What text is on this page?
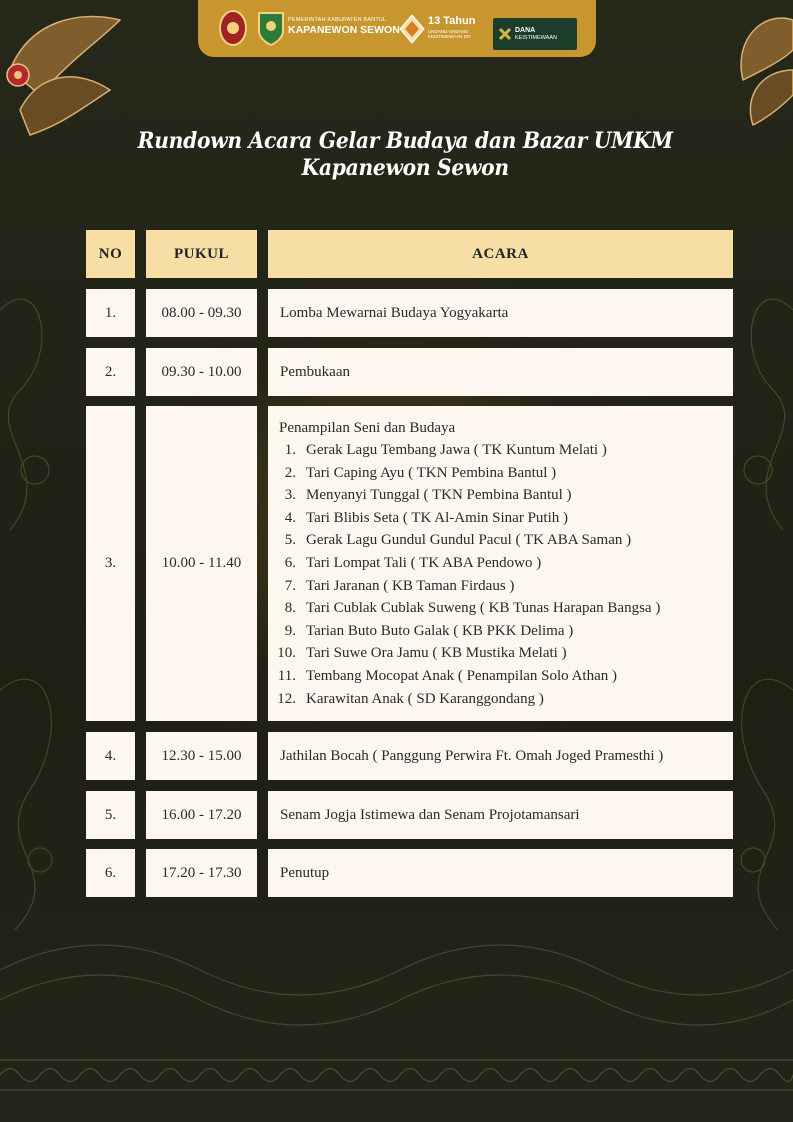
PEMERINTAH KABUPATEN BANTUL
KAPANEWON SEWON
13 Tahun
UNDANG-UNDANG KEISTIMEWAAN DIY
DANA
KEISTIMEWAAN
Rundown Acara Gelar Budaya dan Bazar UMKM
Kapanewon Sewon
NO	PUKUL	ACARA
1.	08.00 - 09.30	Lomba Mewarnai Budaya Yogyakarta
2.	09.30 - 10.00	Pembukaan
3.	10.00 - 11.40
Penampilan Seni dan Budaya
1. Gerak Lagu Tembang Jawa ( TK Kuntum Melati )
2. Tari Caping Ayu ( TKN Pembina Bantul )
3. Menyanyi Tunggal ( TKN Pembina Bantul )
4. Tari Blibis Seta ( TK Al-Amin Sinar Putih )
5. Gerak Lagu Gundul Gundul Pacul ( TK ABA Saman )
6. Tari Lompat Tali ( TK ABA Pendowo )
7. Tari Jaranan ( KB Taman Firdaus )
8. Tari Cublak Cublak Suweng ( KB Tunas Harapan Bangsa )
9. Tarian Buto Buto Galak ( KB PKK Delima )
10. Tari Suwe Ora Jamu ( KB Mustika Melati )
11. Tembang Mocopat Anak ( Penampilan Solo Athan )
12. Karawitan Anak ( SD Karanggondang )
4.	12.30 - 15.00	Jathilan Bocah ( Panggung Perwira Ft. Omah Joged Pramesthi )
5.	16.00 - 17.20	Senam Jogja Istimewa dan Senam Projotamansari
6.	17.20 - 17.30	Penutup
